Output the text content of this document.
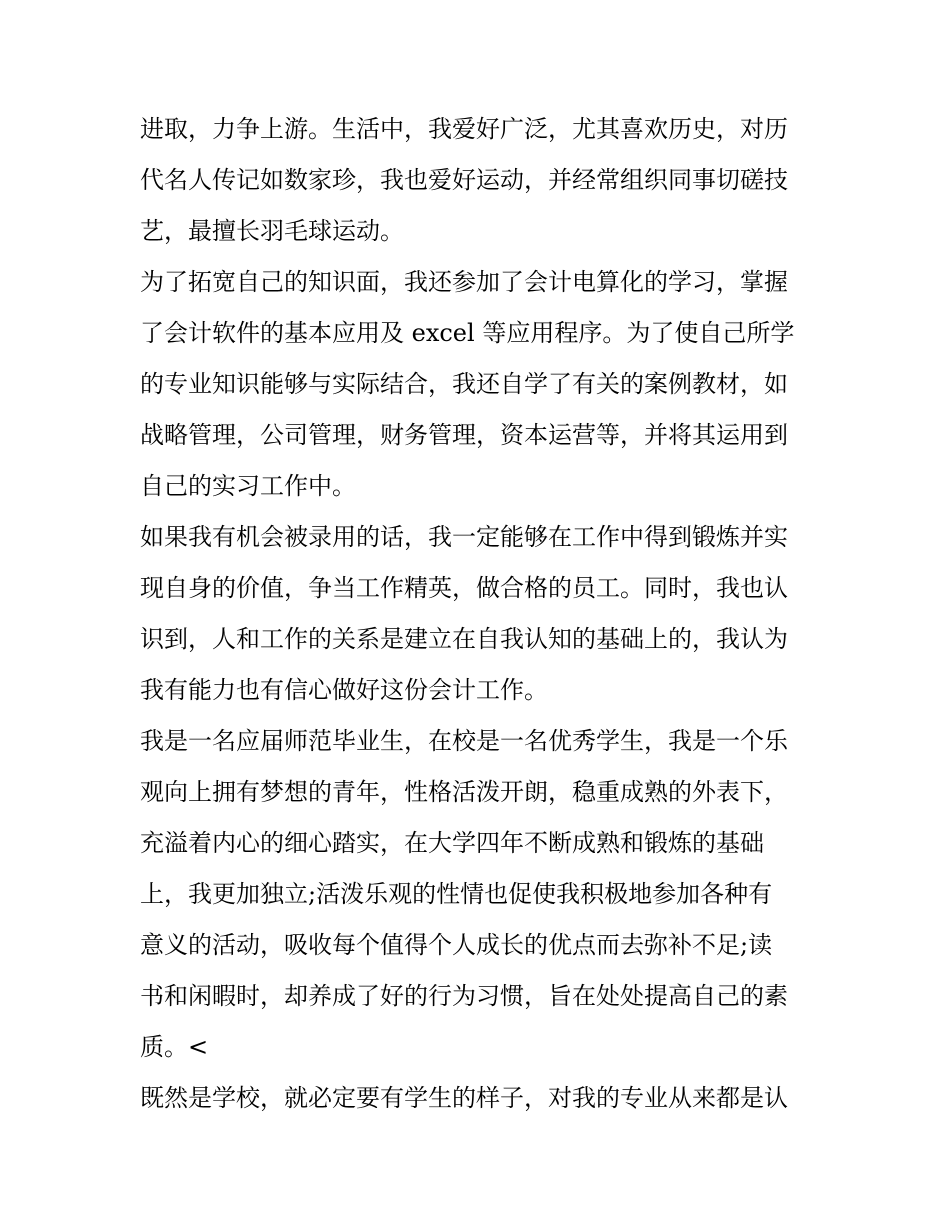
进取，力争上游。生活中，我爱好广泛，尤其喜欢历史，对历
代名人传记如数家珍，我也爱好运动，并经常组织同事切磋技
艺，最擅长羽毛球运动。
为了拓宽自己的知识面，我还参加了会计电算化的学习，掌握
了会计软件的基本应用及 excel 等应用程序。为了使自己所学
的专业知识能够与实际结合，我还自学了有关的案例教材，如
战略管理，公司管理，财务管理，资本运营等，并将其运用到
自己的实习工作中。
如果我有机会被录用的话，我一定能够在工作中得到锻炼并实
现自身的价值，争当工作精英，做合格的员工。同时，我也认
识到，人和工作的关系是建立在自我认知的基础上的，我认为
我有能力也有信心做好这份会计工作。
我是一名应届师范毕业生，在校是一名优秀学生，我是一个乐
观向上拥有梦想的青年，性格活泼开朗，稳重成熟的外表下，
充溢着内心的细心踏实，在大学四年不断成熟和锻炼的基础
上，我更加独立;活泼乐观的性情也促使我积极地参加各种有
意义的活动，吸收每个值得个人成长的优点而去弥补不足;读
书和闲暇时，却养成了好的行为习惯，旨在处处提高自己的素
质。<
既然是学校，就必定要有学生的样子，对我的专业从来都是认
